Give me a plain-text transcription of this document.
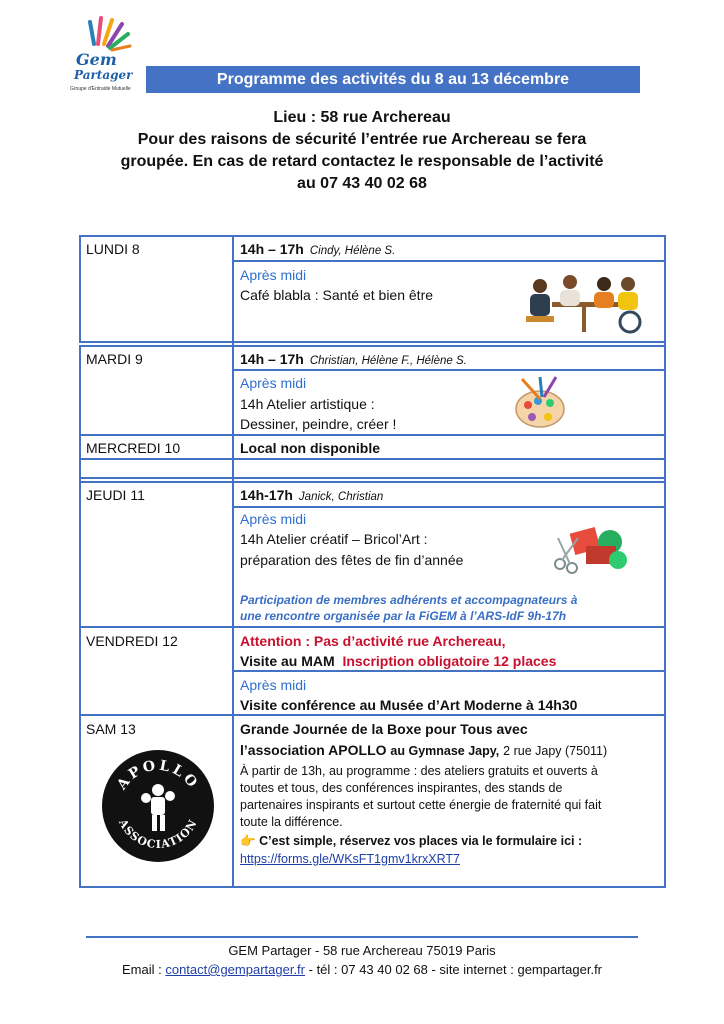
Gem
Partager
Groupe d'Entraide Mutuelle
Programme des activités du 8 au 13 décembre
Lieu : 58 rue Archereau
Pour des raisons de sécurité l’entrée rue Archereau se fera
groupée. En cas de retard contactez le responsable de l’activité
au 07 43 40 02 68
LUNDI 8	14h – 17h Cindy, Hélène S.
Après midi
Café blabla : Santé et bien être
MARDI 9	14h – 17h Christian, Hélène F., Hélène S.
Après midi
14h Atelier artistique :
Dessiner, peindre, créer !
MERCREDI 10	Local non disponible
JEUDI 11	14h-17h Janick, Christian
Après midi
14h Atelier créatif – Bricol’Art :
préparation des fêtes de fin d’année
Participation de membres adhérents et accompagnateurs à
une rencontre organisée par la FiGEM à l’ARS-IdF 9h-17h
VENDREDI 12	Attention : Pas d’activité rue Archereau,
Visite au MAM Inscription obligatoire 12 places
Après midi
Visite conférence au Musée d’Art Moderne à 14h30
SAM 13	Grande Journée de la Boxe pour Tous avec
l’association APOLLO au Gymnase Japy, 2 rue Japy (75011)
À partir de 13h, au programme : des ateliers gratuits et ouverts à
toutes et tous, des conférences inspirantes, des stands de
partenaires inspirants et surtout cette énergie de fraternité qui fait
toute la différence.
👉 C’est simple, réservez vos places via le formulaire ici :
https://forms.gle/WKsFT1gmv1krxXRT7
APOLLO
ASSOCIATION
GEM Partager - 58 rue Archereau 75019 Paris
Email : contact@gempartager.fr - tél : 07 43 40 02 68 - site internet : gempartager.fr
